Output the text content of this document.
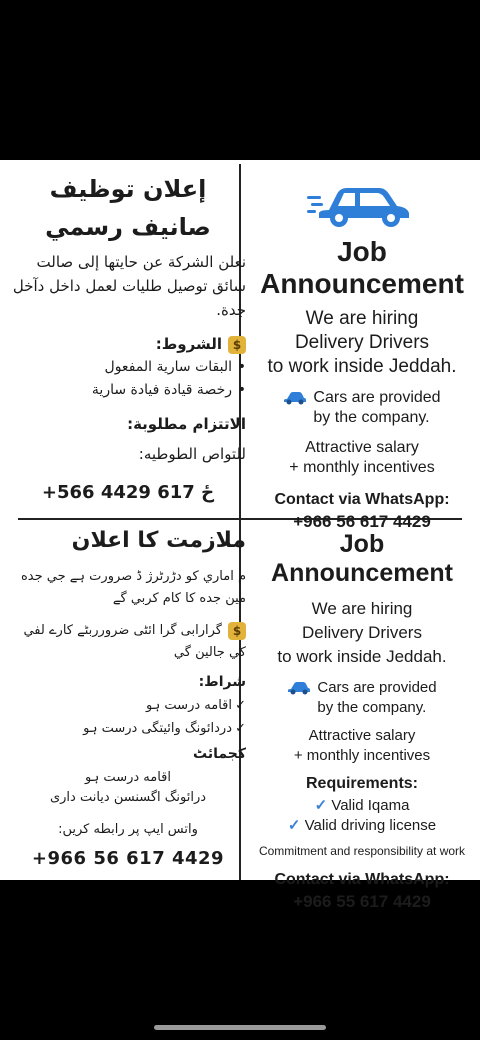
إعلان توظيف
صانيف رسمي
نعلن الشركة عن حايتها إلى صالت سائق توصيل طليات لعمل داخل دآخل جدة.
$الشروط:
• البقات سارية المفعول
• رخصة قيادة فيادة سارية
الاتتزام مطلوبة:
للتواص الطوطيه:
+566 ځ 617 4429
Job
Announcement
We are hiring
Delivery Drivers
to work inside Jeddah.
Cars are provided
by the company.
Attractive salary
+ monthly incentives
Contact via WhatsApp:
+966 56 617 4429
ملازمت کا اعلان
م اماري كو دڑرٹرژ ڈ صرورت ہے جي جده مین جده کا کام کربي گے
$گرارابی گرا ائٹی ضرورربٹے كارے لفي كي جالين گي
شراط:
✓ اقامه درست ہو
✓ دردائونگ وائیتگی درست ہو
كجمائٹ
اقامه درست ہو
درائونگ اگسنسن دیانت داری
واتس ایپ پر رابطه کریں:
+966 56 617 4429
Job
Announcement
We are hiring
Delivery Drivers
to work inside Jeddah.
Cars are provided
by the company.
Attractive salary
+ monthly incentives
Requirements:
✓ Valid Iqama
✓ Valid driving license
Commitment and responsibility at work
Contact via WhatsApp:
+966 55 617 4429
